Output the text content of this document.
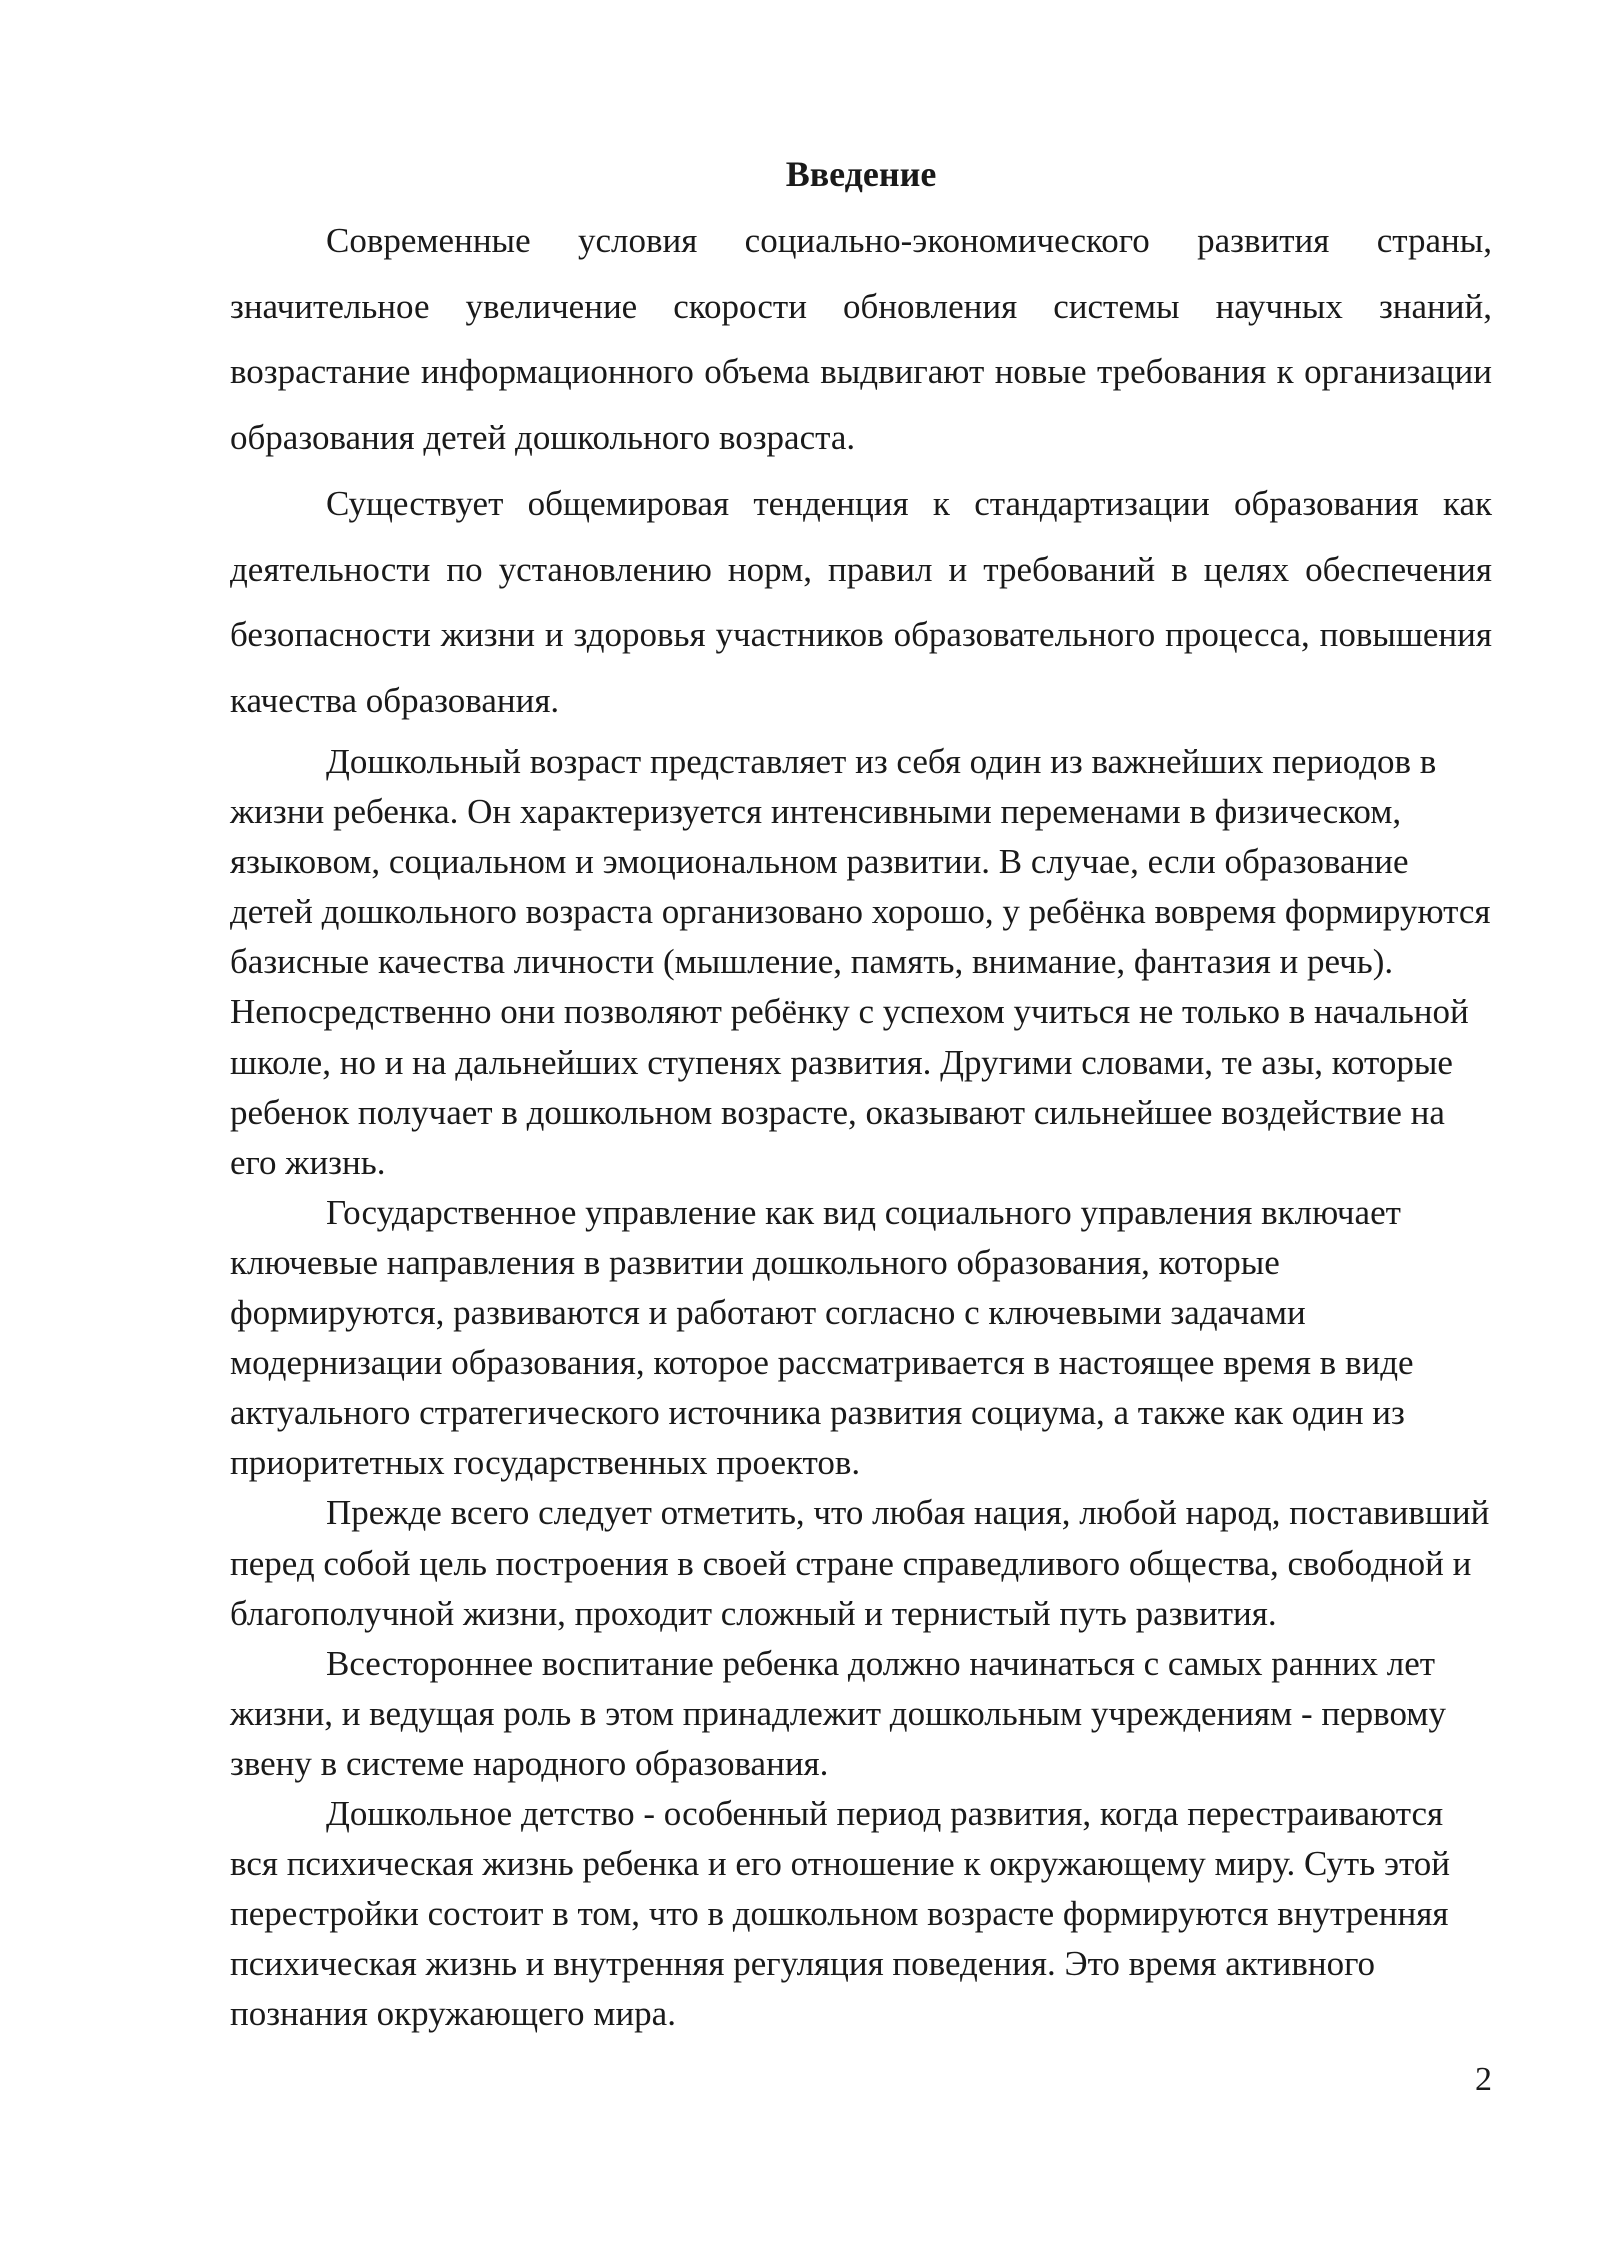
Введение

Современные условия социально-экономического развития страны, значительное увеличение скорости обновления системы научных знаний, возрастание информационного объема выдвигают новые требования к организации образования детей дошкольного возраста.

Существует общемировая тенденция к стандартизации образования как деятельности по установлению норм, правил и требований в целях обеспечения безопасности жизни и здоровья участников образовательного процесса, повышения качества образования.

Дошкольный возраст представляет из себя один из важнейших периодов в жизни ребенка. Он характеризуется интенсивными переменами в физическом, языковом, социальном и эмоциональном развитии. В случае, если образование детей дошкольного возраста организовано хорошо, у ребёнка вовремя формируются базисные качества личности (мышление, память, внимание, фантазия и речь). Непосредственно они позволяют ребёнку с успехом учиться не только в начальной школе, но и на дальнейших ступенях развития. Другими словами, те азы, которые ребенок получает в дошкольном возрасте, оказывают сильнейшее воздействие на его жизнь.

Государственное управление как вид социального управления включает ключевые направления в развитии дошкольного образования, которые формируются, развиваются и работают согласно с ключевыми задачами модернизации образования, которое рассматривается в настоящее время в виде актуального стратегического источника развития социума, а также как один из приоритетных государственных проектов.

Прежде всего следует отметить, что любая нация, любой народ, поставивший перед собой цель построения в своей стране справедливого общества, свободной и благополучной жизни, проходит сложный и тернистый путь развития.

Всестороннее воспитание ребенка должно начинаться с самых ранних лет жизни, и ведущая роль в этом принадлежит дошкольным учреждениям - первому звену в системе народного образования.

Дошкольное детство - особенный период развития, когда перестраиваются вся психическая жизнь ребенка и его отношение к окружающему миру. Суть этой перестройки состоит в том, что в дошкольном возрасте формируются внутренняя психическая жизнь и внутренняя регуляция поведения. Это время активного познания окружающего мира.

2
